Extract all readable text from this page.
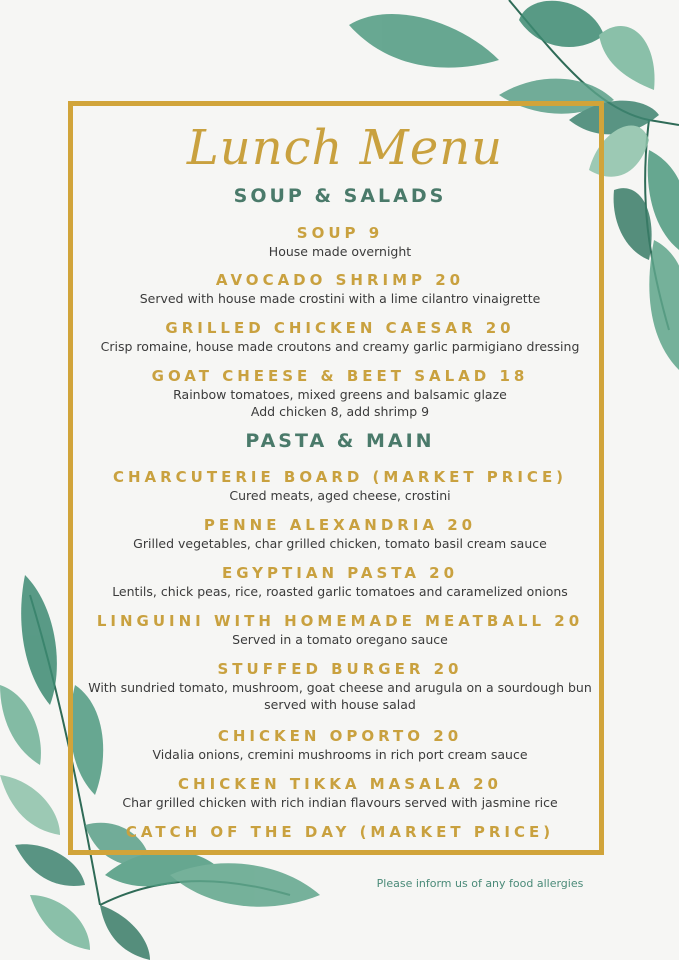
Lunch Menu
SOUP & SALADS
SOUP 9
House made overnight
AVOCADO SHRIMP 20
Served with house made crostini with a lime cilantro vinaigrette
GRILLED CHICKEN CAESAR 20
Crisp romaine, house made croutons and creamy garlic parmigiano dressing
GOAT CHEESE & BEET SALAD 18
Rainbow tomatoes, mixed greens and balsamic glaze
Add chicken 8, add shrimp 9
PASTA & MAIN
CHARCUTERIE BOARD (MARKET PRICE)
Cured meats, aged cheese, crostini
PENNE ALEXANDRIA 20
Grilled vegetables, char grilled chicken, tomato basil cream sauce
EGYPTIAN PASTA 20
Lentils, chick peas, rice, roasted garlic tomatoes and caramelized onions
LINGUINI WITH HOMEMADE MEATBALL 20
Served in a tomato oregano sauce
STUFFED BURGER 20
With sundried tomato, mushroom, goat cheese and arugula on a sourdough bun
served with house salad
CHICKEN OPORTO 20
Vidalia onions, cremini mushrooms in rich port cream sauce
CHICKEN TIKKA MASALA 20
Char grilled chicken with rich indian flavours served with jasmine rice
CATCH OF THE DAY (MARKET PRICE)
Please inform us of any food allergies
